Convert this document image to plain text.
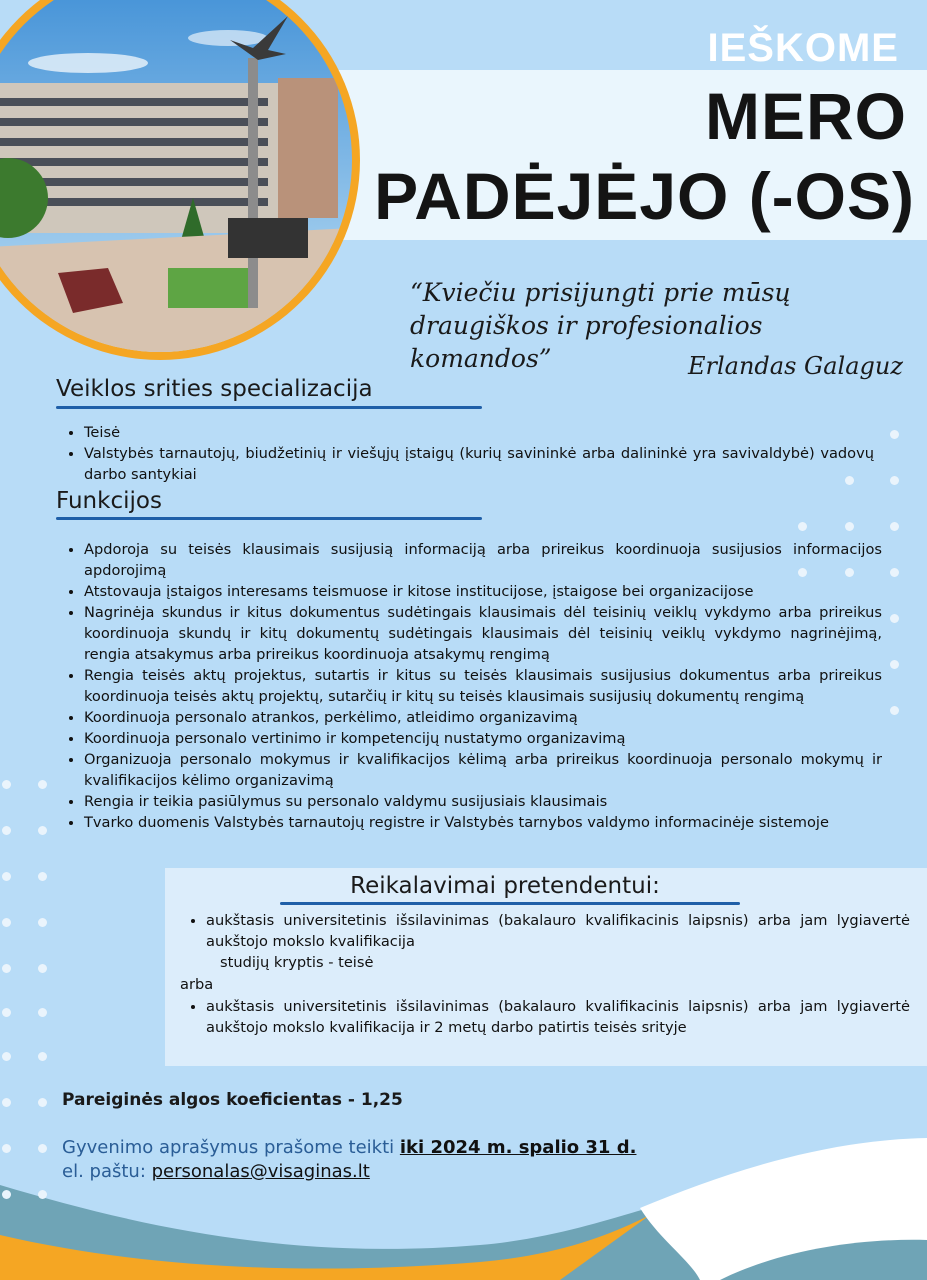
IEŠKOME
MERO
PADĖJĖJO (-OS)
“Kviečiu prisijungti prie mūsų draugiškos ir profesionalios komandos”	Erlandas Galaguz
Veiklos srities specializacija
• Teisė
• Valstybės tarnautojų, biudžetinių ir viešųjų įstaigų (kurių savininkė arba dalininkė yra savivaldybė) vadovų darbo santykiai
Funkcijos
• Apdoroja su teisės klausimais susijusią informaciją arba prireikus koordinuoja susijusios informacijos apdorojimą
• Atstovauja įstaigos interesams teismuose ir kitose institucijose, įstaigose bei organizacijose
• Nagrinėja skundus ir kitus dokumentus sudėtingais klausimais dėl teisinių veiklų vykdymo arba prireikus koordinuoja skundų ir kitų dokumentų sudėtingais klausimais dėl teisinių veiklų vykdymo nagrinėjimą, rengia atsakymus arba prireikus koordinuoja atsakymų rengimą
• Rengia teisės aktų projektus, sutartis ir kitus su teisės klausimais susijusius dokumentus arba prireikus koordinuoja teisės aktų projektų, sutarčių ir kitų su teisės klausimais susijusių dokumentų rengimą
• Koordinuoja personalo atrankos, perkėlimo, atleidimo organizavimą
• Koordinuoja personalo vertinimo ir kompetencijų nustatymo organizavimą
• Organizuoja personalo mokymus ir kvalifikacijos kėlimą arba prireikus koordinuoja personalo mokymų ir kvalifikacijos kėlimo organizavimą
• Rengia ir teikia pasiūlymus su personalo valdymu susijusiais klausimais
• Tvarko duomenis Valstybės tarnautojų registre ir Valstybės tarnybos valdymo informacinėje sistemoje
Reikalavimai pretendentui:
• aukštasis universitetinis išsilavinimas (bakalauro kvalifikacinis laipsnis) arba jam lygiavertė aukštojo mokslo kvalifikacija
studijų kryptis - teisė
arba
• aukštasis universitetinis išsilavinimas (bakalauro kvalifikacinis laipsnis) arba jam lygiavertė aukštojo mokslo kvalifikacija ir 2 metų darbo patirtis teisės srityje
Pareiginės algos koeficientas - 1,25
Gyvenimo aprašymus prašome teikti iki 2024 m. spalio 31 d.
el. paštu: personalas@visaginas.lt
✆ +370 (386) 31 916
